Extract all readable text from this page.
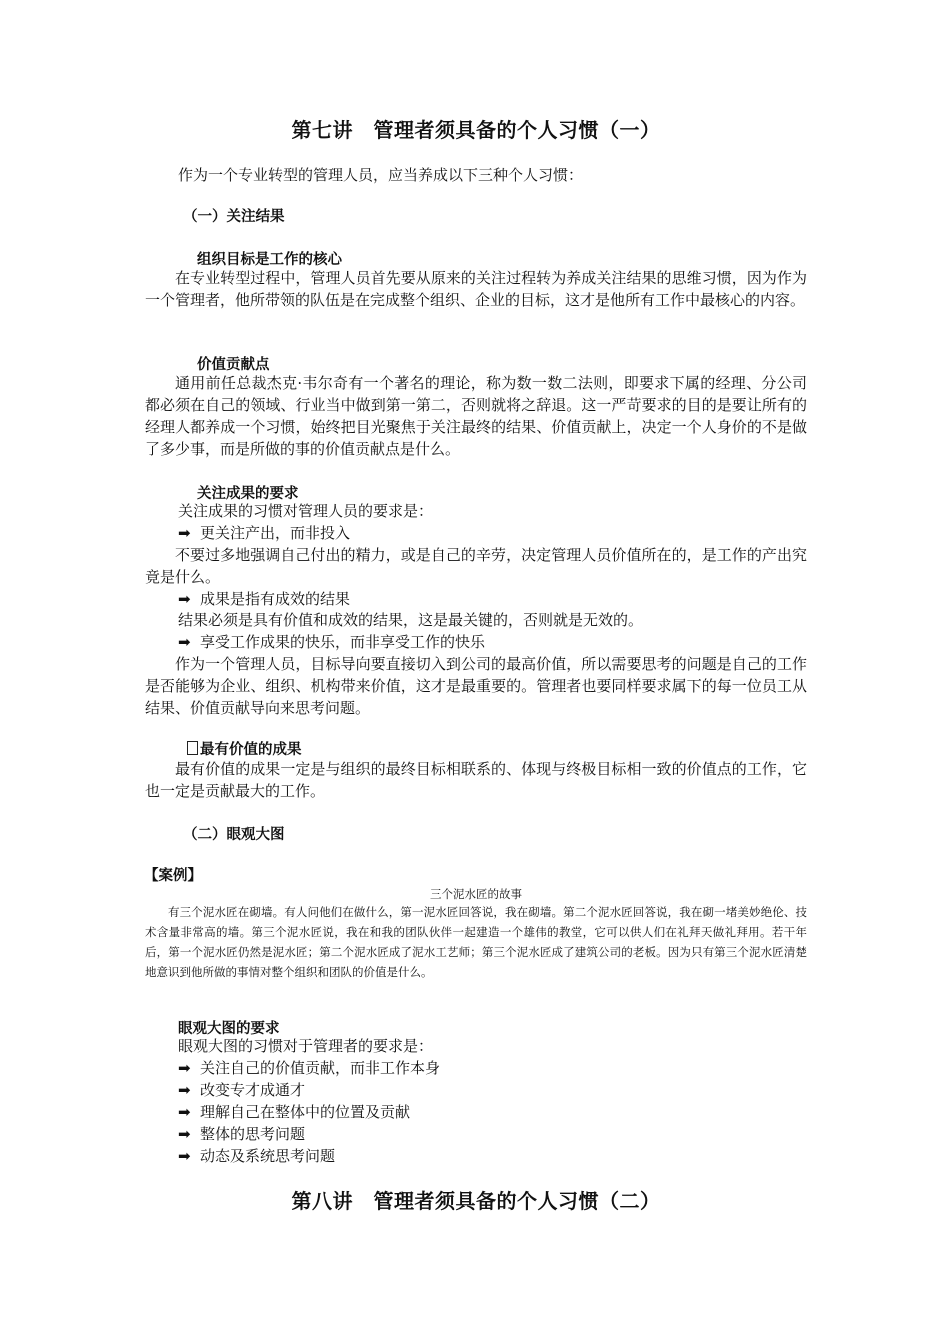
第七讲　管理者须具备的个人习惯（一）
作为一个专业转型的管理人员，应当养成以下三种个人习惯：
（一）关注结果
组织目标是工作的核心
在专业转型过程中，管理人员首先要从原来的关注过程转为养成关注结果的思维习惯，因为作为一个管理者，他所带领的队伍是在完成整个组织、企业的目标，这才是他所有工作中最核心的内容。
价值贡献点
通用前任总裁杰克·韦尔奇有一个著名的理论，称为数一数二法则，即要求下属的经理、分公司都必须在自己的领域、行业当中做到第一第二，否则就将之辞退。这一严苛要求的目的是要让所有的经理人都养成一个习惯，始终把目光聚焦于关注最终的结果、价值贡献上，决定一个人身价的不是做了多少事，而是所做的事的价值贡献点是什么。
关注成果的要求
关注成果的习惯对管理人员的要求是：
➡ 更关注产出，而非投入
不要过多地强调自己付出的精力，或是自己的辛劳，决定管理人员价值所在的，是工作的产出究竟是什么。
➡ 成果是指有成效的结果
结果必须是具有价值和成效的结果，这是最关键的，否则就是无效的。
➡ 享受工作成果的快乐，而非享受工作的快乐
作为一个管理人员，目标导向要直接切入到公司的最高价值，所以需要思考的问题是自己的工作是否能够为企业、组织、机构带来价值，这才是最重要的。管理者也要同样要求属下的每一位员工从结果、价值贡献导向来思考问题。
最有价值的成果
最有价值的成果一定是与组织的最终目标相联系的、体现与终极目标相一致的价值点的工作，它也一定是贡献最大的工作。
（二）眼观大图
【案例】
三个泥水匠的故事
有三个泥水匠在砌墙。有人问他们在做什么，第一泥水匠回答说，我在砌墙。第二个泥水匠回答说，我在砌一堵美妙绝伦、技术含量非常高的墙。第三个泥水匠说，我在和我的团队伙伴一起建造一个雄伟的教堂，它可以供人们在礼拜天做礼拜用。若干年后，第一个泥水匠仍然是泥水匠；第二个泥水匠成了泥水工艺师；第三个泥水匠成了建筑公司的老板。因为只有第三个泥水匠清楚地意识到他所做的事情对整个组织和团队的价值是什么。
眼观大图的要求
眼观大图的习惯对于管理者的要求是：
➡ 关注自己的价值贡献，而非工作本身
➡ 改变专才成通才
➡ 理解自己在整体中的位置及贡献
➡ 整体的思考问题
➡ 动态及系统思考问题
第八讲　管理者须具备的个人习惯（二）
